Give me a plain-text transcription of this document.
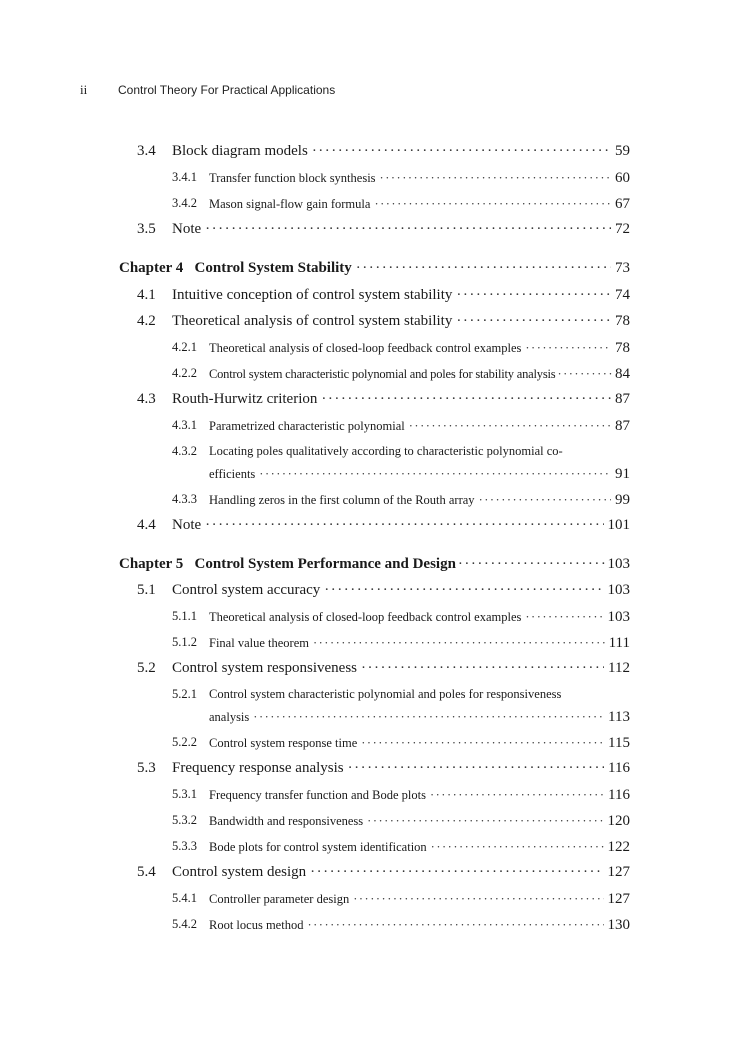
ii	Control Theory For Practical Applications
3.4 Block diagram models ·····	59
3.4.1 Transfer function block synthesis ·····	60
3.4.2 Mason signal-flow gain formula ·····	67
3.5 Note ·····	72
Chapter 4   Control System Stability ·····	73
4.1 Intuitive conception of control system stability ·····	74
4.2 Theoretical analysis of control system stability ·····	78
4.2.1 Theoretical analysis of closed-loop feedback control examples ·····	78
4.2.2 Control system characteristic polynomial and poles for stability analysis ·····	84
4.3 Routh-Hurwitz criterion ·····	87
4.3.1 Parametrized characteristic polynomial ·····	87
4.3.2 Locating poles qualitatively according to characteristic polynomial co-
efficients ·····	91
4.3.3 Handling zeros in the first column of the Routh array ·····	99
4.4 Note ·····	101
Chapter 5   Control System Performance and Design ·····	103
5.1 Control system accuracy ·····	103
5.1.1 Theoretical analysis of closed-loop feedback control examples ·····	103
5.1.2 Final value theorem ·····	111
5.2 Control system responsiveness ·····	112
5.2.1 Control system characteristic polynomial and poles for responsiveness
analysis ·····	113
5.2.2 Control system response time ·····	115
5.3 Frequency response analysis ·····	116
5.3.1 Frequency transfer function and Bode plots ·····	116
5.3.2 Bandwidth and responsiveness ·····	120
5.3.3 Bode plots for control system identification ·····	122
5.4 Control system design ·····	127
5.4.1 Controller parameter design ·····	127
5.4.2 Root locus method ·····	130
